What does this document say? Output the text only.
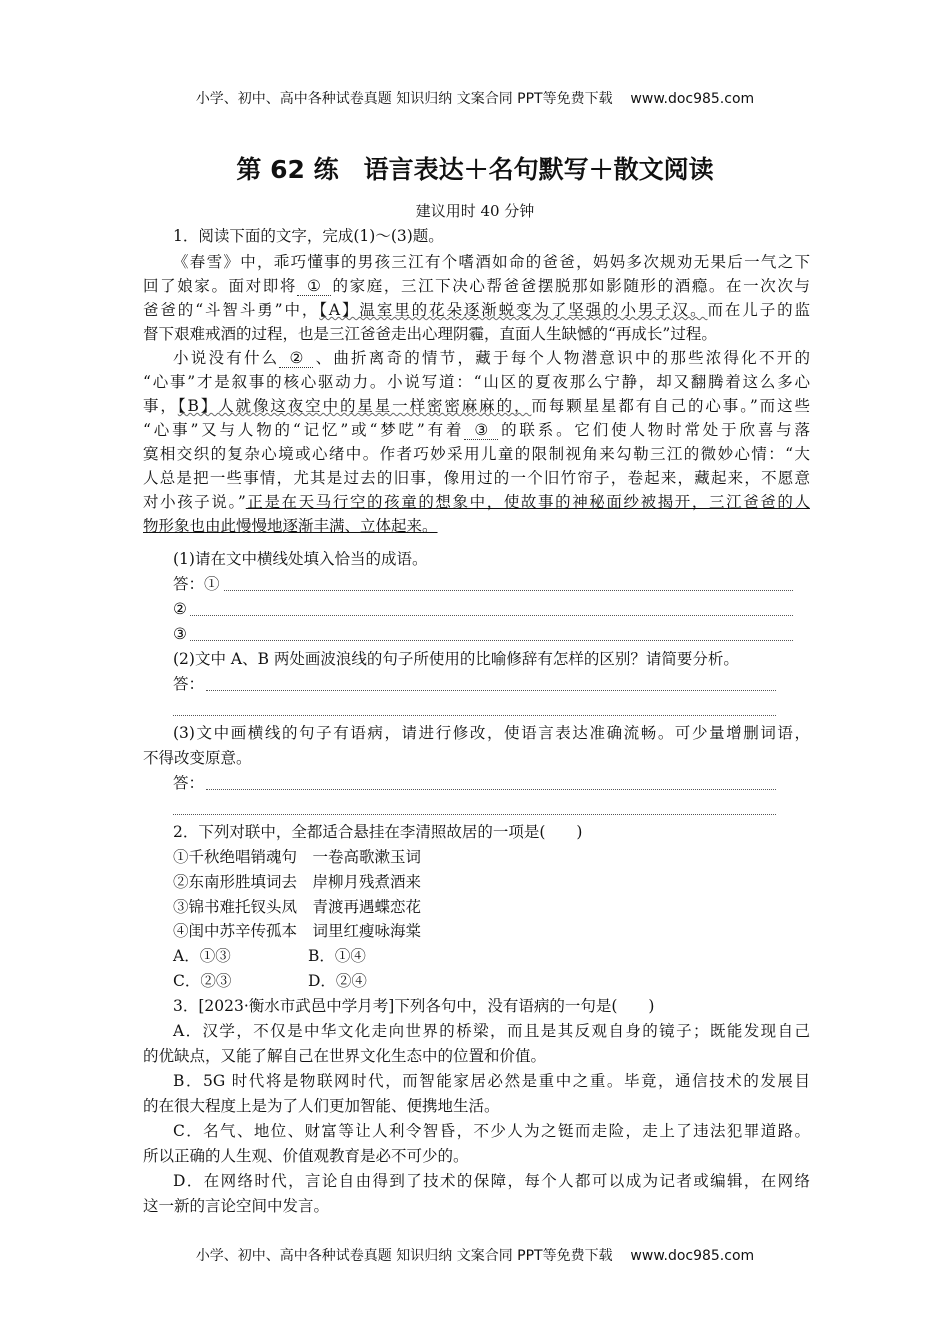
小学、初中、高中各种试卷真题 知识归纳 文案合同 PPT等免费下载 www.doc985.com
第 62 练　语言表达＋名句默写＋散文阅读
建议用时 40 分钟
1．阅读下面的文字，完成(1)～(3)题。
《春雪》中，乖巧懂事的男孩三江有个嗜酒如命的爸爸，妈妈多次规劝无果后一气之下
回了娘家。面对即将 ① 的家庭，三江下决心帮爸爸摆脱那如影随形的酒瘾。在一次次与
爸爸的“斗智斗勇”中，【A】温室里的花朵逐渐蜕变为了坚强的小男子汉。而在儿子的监
督下艰难戒酒的过程，也是三江爸爸走出心理阴霾，直面人生缺憾的“再成长”过程。
小说没有什么 ② 、曲折离奇的情节，藏于每个人物潜意识中的那些浓得化不开的
“心事”才是叙事的核心驱动力。小说写道：“山区的夏夜那么宁静，却又翻腾着这么多心
事，【B】人就像这夜空中的星星一样密密麻麻的，而每颗星星都有自己的心事。”而这些
“心事”又与人物的“记忆”或“梦呓”有着 ③ 的联系。它们使人物时常处于欣喜与落
寞相交织的复杂心境或心绪中。作者巧妙采用儿童的限制视角来勾勒三江的微妙心情：“大
人总是把一些事情，尤其是过去的旧事，像用过的一个旧竹帘子，卷起来，藏起来，不愿意
对小孩子说。”正是在天马行空的孩童的想象中，使故事的神秘面纱被揭开，三江爸爸的人
物形象也由此慢慢地逐渐丰满、立体起来。
(1)请在文中横线处填入恰当的成语。
答：①
②
③
(2)文中 A、B 两处画波浪线的句子所使用的比喻修辞有怎样的区别？请简要分析。
答：
(3)文中画横线的句子有语病，请进行修改，使语言表达准确流畅。可少量增删词语，
不得改变原意。
答：
2．下列对联中，全都适合悬挂在李清照故居的一项是(　　)
①千秋绝唱销魂句　一卷高歌漱玉词
②东南形胜填词去　岸柳月残煮酒来
③锦书难托钗头凤　青渡再遇蝶恋花
④闺中苏辛传孤本　词里红瘦咏海棠
A．①③	B．①④
C．②③	D．②④
3．[2023·衡水市武邑中学月考]下列各句中，没有语病的一句是(　　)
A．汉学，不仅是中华文化走向世界的桥梁，而且是其反观自身的镜子；既能发现自己
的优缺点，又能了解自己在世界文化生态中的位置和价值。
B．5G 时代将是物联网时代，而智能家居必然是重中之重。毕竟，通信技术的发展目
的在很大程度上是为了人们更加智能、便携地生活。
C．名气、地位、财富等让人利令智昏，不少人为之铤而走险，走上了违法犯罪道路。
所以正确的人生观、价值观教育是必不可少的。
D．在网络时代，言论自由得到了技术的保障，每个人都可以成为记者或编辑，在网络
这一新的言论空间中发言。
小学、初中、高中各种试卷真题 知识归纳 文案合同 PPT等免费下载 www.doc985.com
